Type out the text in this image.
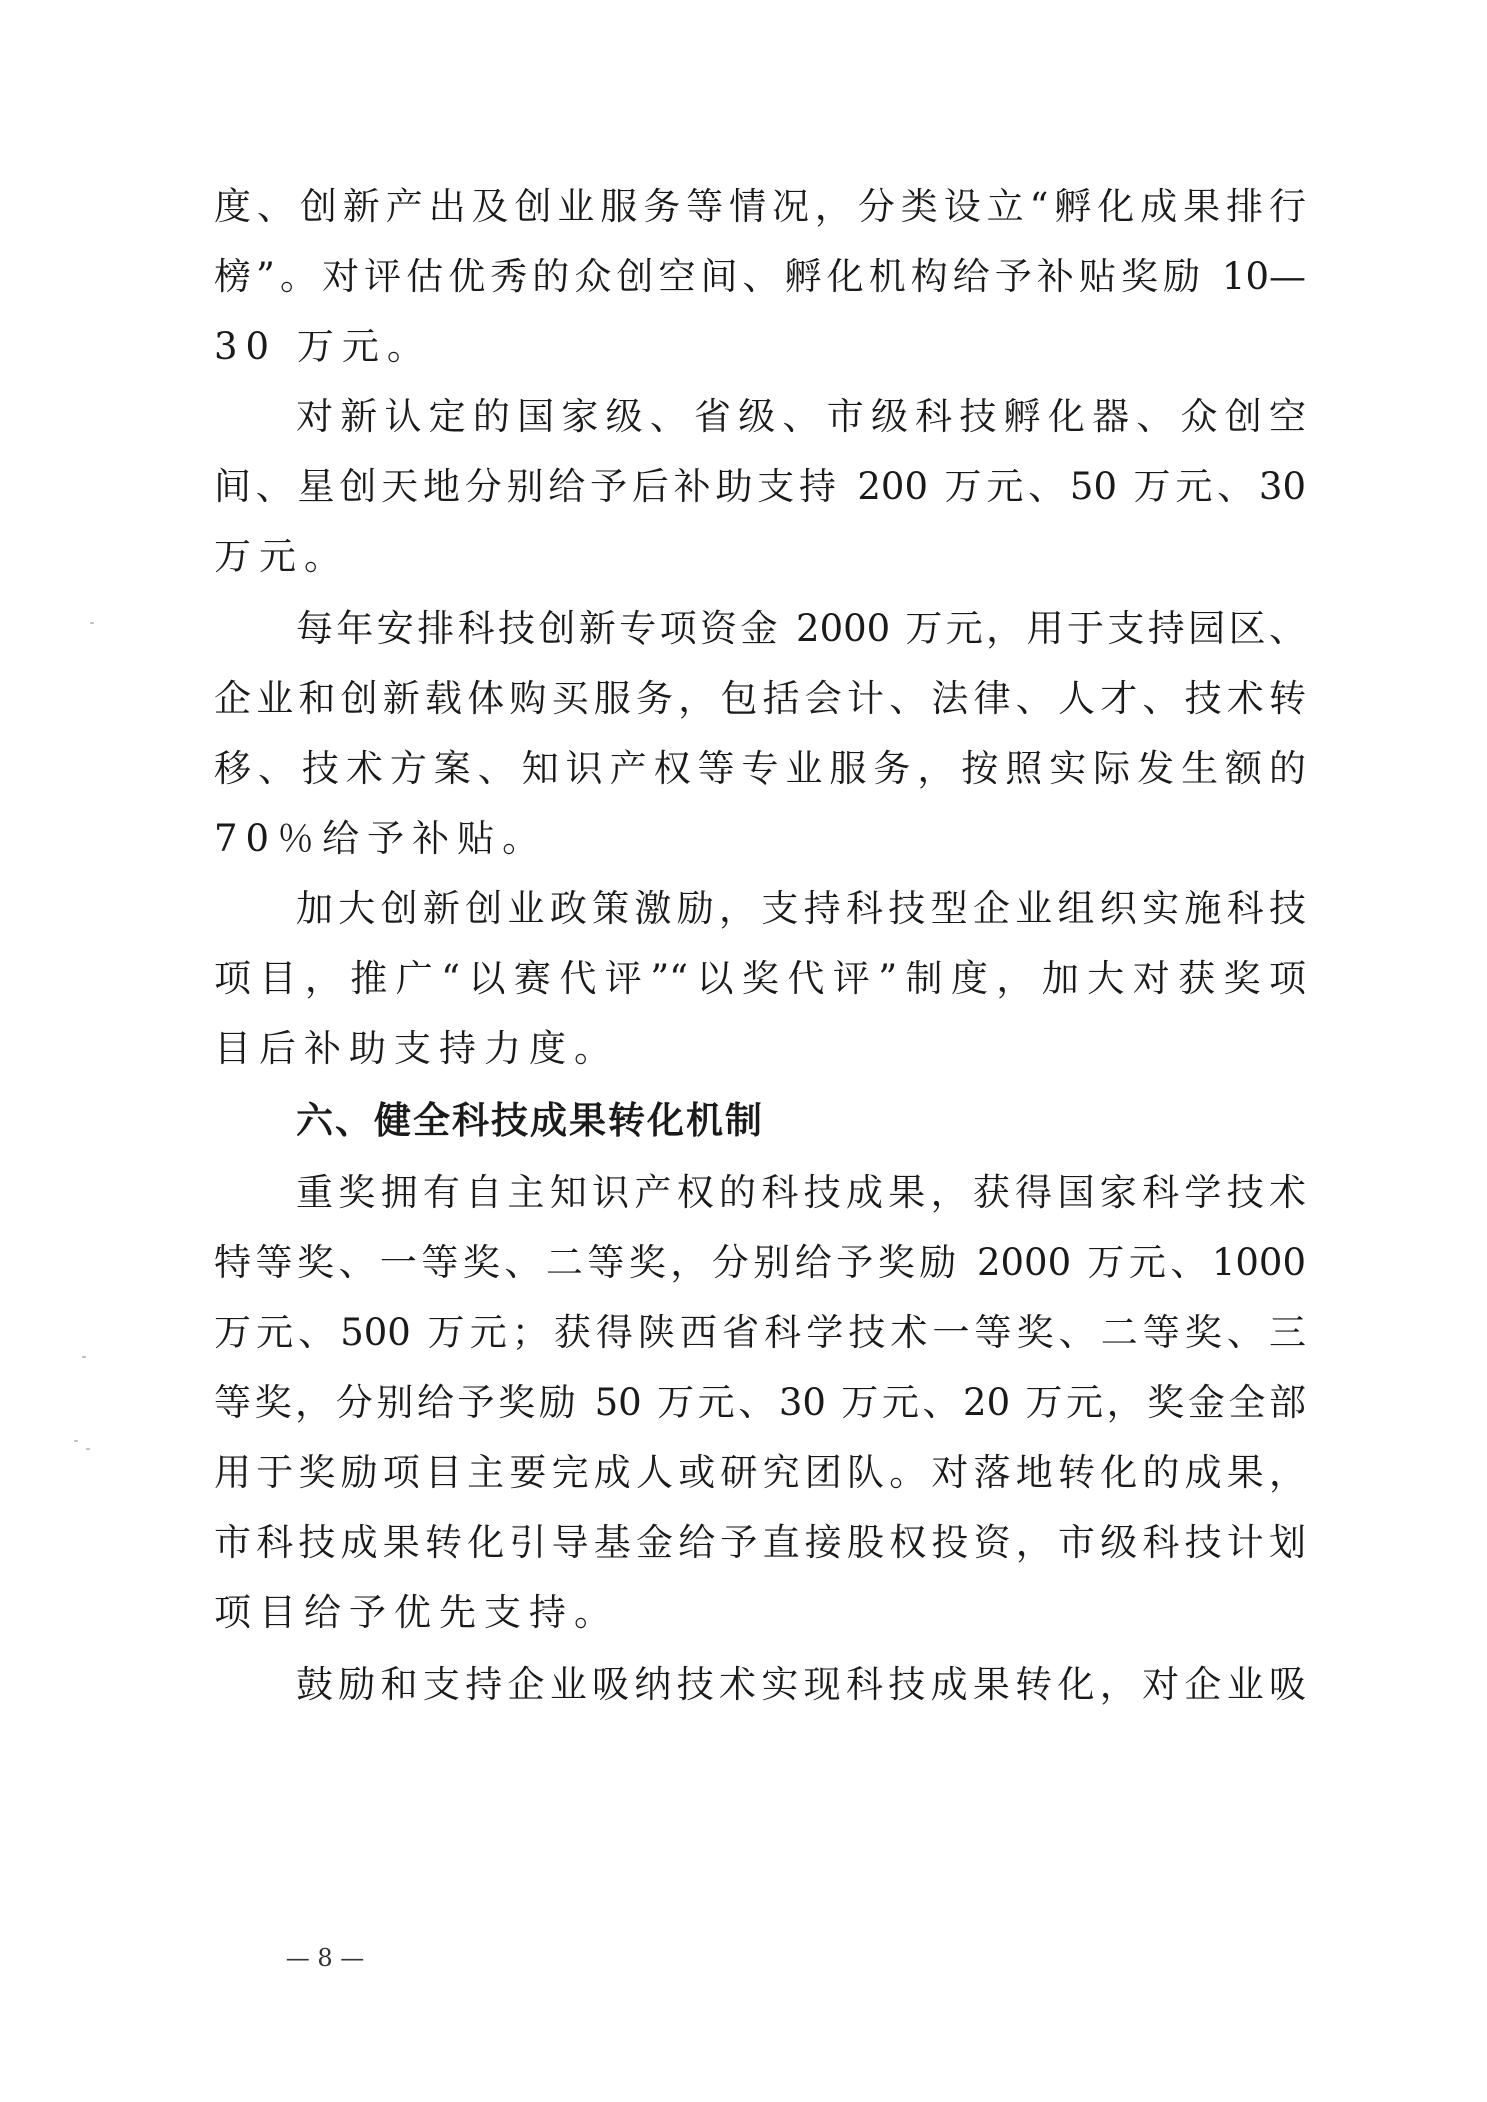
度、创新产出及创业服务等情况，分类设立“孵化成果排行
榜”。对评估优秀的众创空间、孵化机构给予补贴奖励 10—
30 万元。
对新认定的国家级、省级、市级科技孵化器、众创空
间、星创天地分别给予后补助支持 200 万元、50 万元、30
万元。
每年安排科技创新专项资金 2000 万元，用于支持园区、
企业和创新载体购买服务，包括会计、法律、人才、技术转
移、技术方案、知识产权等专业服务，按照实际发生额的
70％给予补贴。
加大创新创业政策激励，支持科技型企业组织实施科技
项目，推广“以赛代评”“以奖代评”制度，加大对获奖项
目后补助支持力度。
六、健全科技成果转化机制
重奖拥有自主知识产权的科技成果，获得国家科学技术
特等奖、一等奖、二等奖，分别给予奖励 2000 万元、1000
万元、500 万元；获得陕西省科学技术一等奖、二等奖、三
等奖，分别给予奖励 50 万元、30 万元、20 万元，奖金全部
用于奖励项目主要完成人或研究团队。对落地转化的成果，
市科技成果转化引导基金给予直接股权投资，市级科技计划
项目给予优先支持。
鼓励和支持企业吸纳技术实现科技成果转化，对企业吸
— 8 —
